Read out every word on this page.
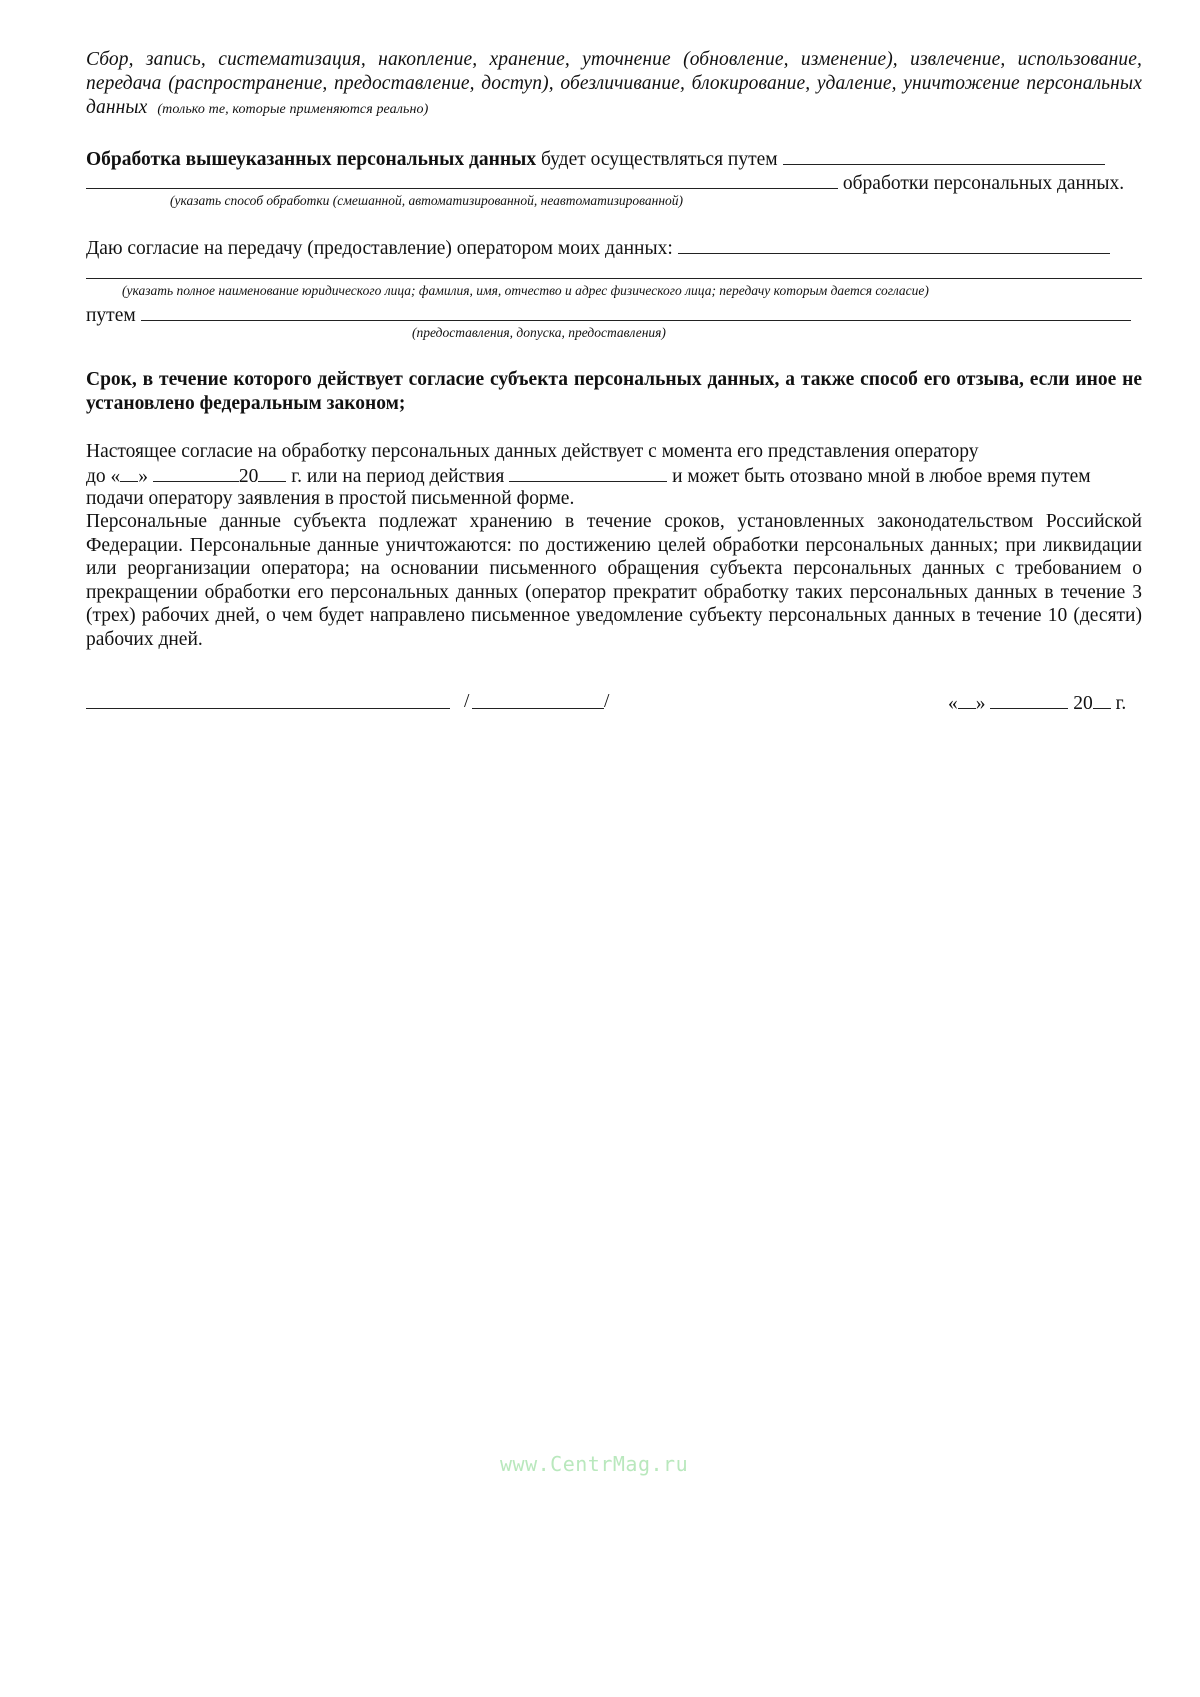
Сбор, запись, систематизация, накопление, хранение, уточнение (обновление, изменение), извлечение, использование, передача (распространение, предоставление, доступ), обезличивание, блокирование, удаление, уничтожение персональных данных (только те, которые применяются реально)
Обработка вышеуказанных персональных данных будет осуществляться путем
обработки персональных данных.
(указать способ обработки (смешанной, автоматизированной, неавтоматизированной)
Даю согласие на передачу (предоставление) оператором моих данных:
(указать полное наименование юридического лица; фамилия, имя, отчество и адрес физического лица; передачу которым дается согласие)
путем
(предоставления, допуска, предоставления)
Срок, в течение которого действует согласие субъекта персональных данных, а также способ его отзыва, если иное не установлено федеральным законом;
Настоящее согласие на обработку персональных данных действует с момента его представления оператору
до « »	20 г. или на период действия	и может быть отозвано мной в любое время путем
подачи оператору заявления в простой письменной форме.
Персональные данные субъекта подлежат хранению в течение сроков, установленных законодательством Российской Федерации. Персональные данные уничтожаются: по достижению целей обработки персональных данных; при ликвидации или реорганизации оператора; на основании письменного обращения субъекта персональных данных с требованием о прекращении обработки его персональных данных (оператор прекратит обработку таких персональных данных в течение 3 (трех) рабочих дней, о чем будет направлено письменное уведомление субъекту персональных данных в течение 10 (десяти) рабочих дней.
/	/	« »	20 г.
www.CentrMag.ru
